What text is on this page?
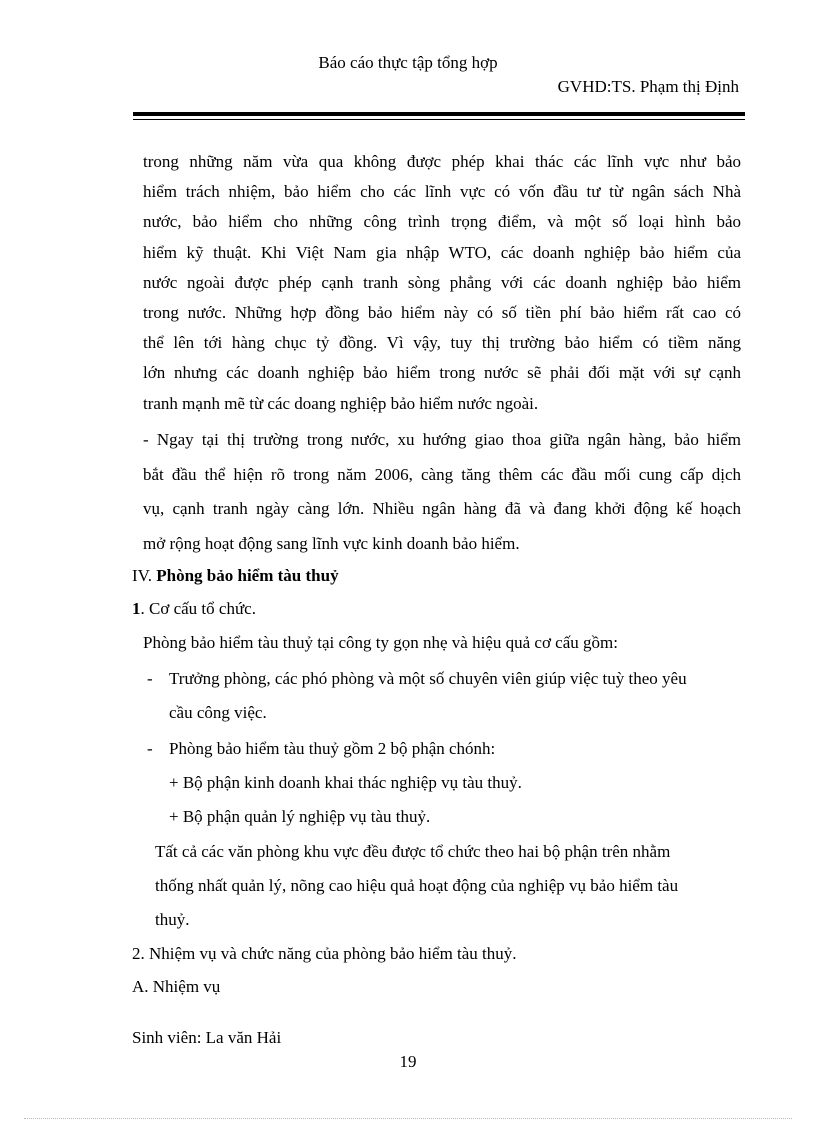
Báo cáo thực tập tổng hợp
GVHD:TS. Phạm thị Định
trong những năm vừa qua không được phép khai thác các lĩnh vực như bảo
hiểm trách nhiệm, bảo hiểm cho các lĩnh vực có vốn đầu tư từ ngân sách Nhà
nước, bảo hiểm cho những công trình trọng điểm, và một số loại hình bảo
hiểm kỹ thuật. Khi Việt Nam gia nhập WTO, các doanh nghiệp bảo hiểm của
nước ngoài được phép cạnh tranh sòng phẳng với các doanh nghiệp bảo hiểm
trong nước. Những hợp đồng bảo hiểm này có số tiền phí bảo hiểm rất cao có
thể lên tới hàng chục tỷ đồng. Vì vậy, tuy thị trường bảo hiểm có tiềm năng
lớn nhưng các doanh nghiệp bảo hiểm trong nước sẽ phải đối mặt với sự cạnh
tranh mạnh mẽ từ các doang nghiệp bảo hiểm nước ngoài.
- Ngay tại thị trường trong nước, xu hướng giao thoa giữa ngân hàng, bảo hiểm
bắt đầu thể hiện rõ trong năm 2006, càng tăng thêm các đầu mối cung cấp dịch
vụ, cạnh tranh ngày càng lớn. Nhiều ngân hàng đã và đang khởi động kế hoạch
mở rộng hoạt động sang lĩnh vực kinh doanh bảo hiểm.
IV. Phòng bảo hiểm tàu thuỷ
1. Cơ cấu tổ chức.
Phòng bảo hiểm tàu thuỷ tại công ty gọn nhẹ và hiệu quả cơ cấu gồm:
- Trưởng phòng, các phó phòng và một số chuyên viên giúp việc tuỳ theo yêu
cầu công việc.
- Phòng bảo hiểm tàu thuỷ gồm 2 bộ phận chónh:
+ Bộ phận kinh doanh khai thác nghiệp vụ tàu thuỷ.
+ Bộ phận quản lý nghiệp vụ tàu thuỷ.
Tất cả các văn phòng khu vực đều được tổ chức theo hai bộ phận trên nhằm
thống nhất quản lý, nõng cao hiệu quả hoạt động của nghiệp vụ bảo hiểm tàu
thuỷ.
2. Nhiệm vụ và chức năng của phòng bảo hiểm tàu thuỷ.
A. Nhiệm vụ
Sinh viên: La văn Hải
19
